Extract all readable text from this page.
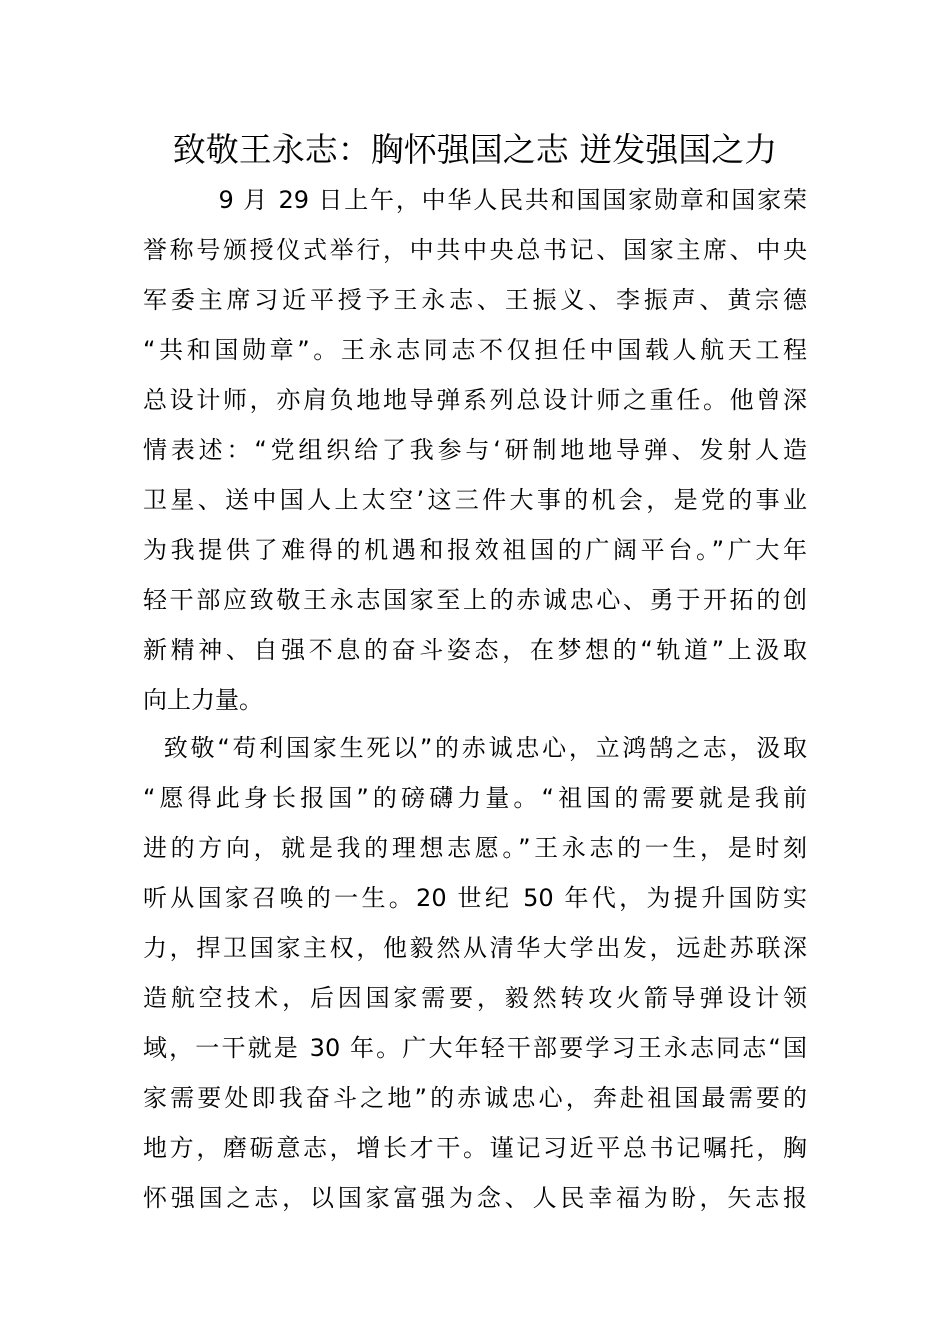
致敬王永志：胸怀强国之志 迸发强国之力
9 月 29 日上午，中华人民共和国国家勋章和国家荣
誉称号颁授仪式举行，中共中央总书记、国家主席、中央
军委主席习近平授予王永志、王振义、李振声、黄宗德
“共和国勋章”。王永志同志不仅担任中国载人航天工程
总设计师，亦肩负地地导弹系列总设计师之重任。他曾深
情表述：“党组织给了我参与‘研制地地导弹、发射人造
卫星、送中国人上太空’这三件大事的机会，是党的事业
为我提供了难得的机遇和报效祖国的广阔平台。”广大年
轻干部应致敬王永志国家至上的赤诚忠心、勇于开拓的创
新精神、自强不息的奋斗姿态，在梦想的“轨道”上汲取
向上力量。
致敬“苟利国家生死以”的赤诚忠心，立鸿鹄之志，汲取
“愿得此身长报国”的磅礴力量。“祖国的需要就是我前
进的方向，就是我的理想志愿。”王永志的一生，是时刻
听从国家召唤的一生。20 世纪 50 年代，为提升国防实
力，捍卫国家主权，他毅然从清华大学出发，远赴苏联深
造航空技术，后因国家需要，毅然转攻火箭导弹设计领
域，一干就是 30 年。广大年轻干部要学习王永志同志“国
家需要处即我奋斗之地”的赤诚忠心，奔赴祖国最需要的
地方，磨砺意志，增长才干。谨记习近平总书记嘱托，胸
怀强国之志，以国家富强为念、人民幸福为盼，矢志报
